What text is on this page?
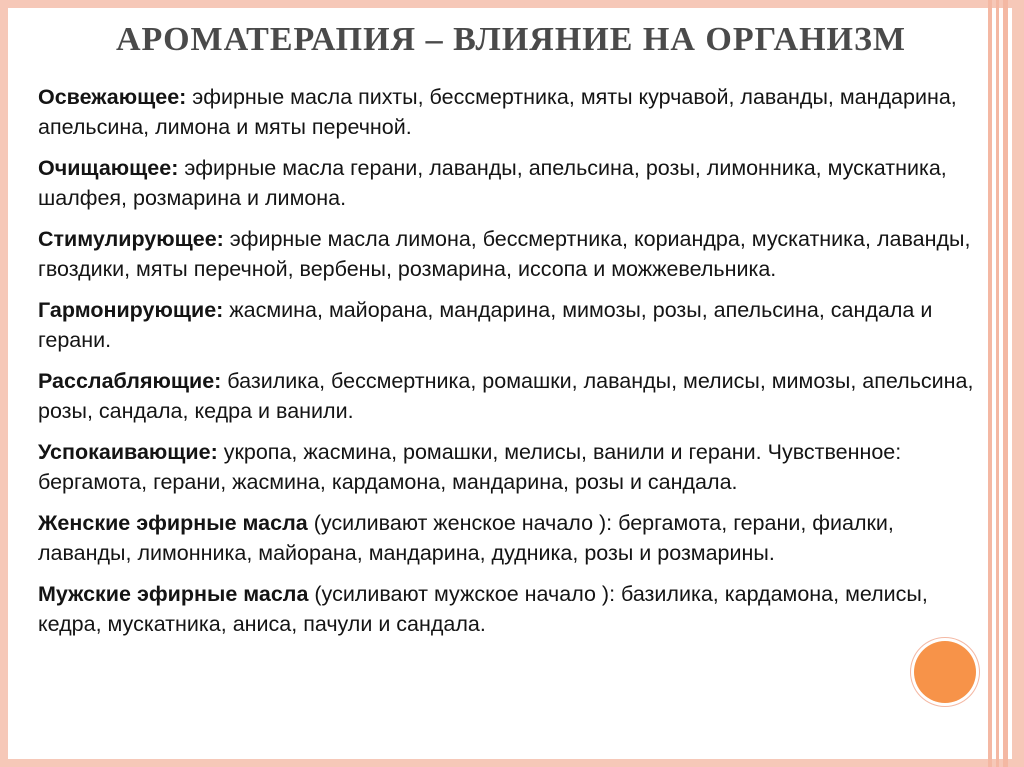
АРОМАТЕРАПИЯ – ВЛИЯНИЕ НА ОРГАНИЗМ

Освежающее: эфирные масла пихты, бессмертника, мяты курчавой, лаванды, мандарина, апельсина, лимона и мяты перечной.

Очищающее: эфирные масла герани, лаванды, апельсина, розы, лимонника, мускатника, шалфея, розмарина и лимона.

Стимулирующее: эфирные масла лимона, бессмертника, кориандра, мускатника, лаванды, гвоздики, мяты перечной, вербены, розмарина, иссопа и можжевельника.

Гармонирующие: жасмина, майорана, мандарина, мимозы, розы, апельсина, сандала и герани.

Расслабляющие: базилика, бессмертника, ромашки, лаванды, мелисы, мимозы, апельсина, розы, сандала, кедра и ванили.

Успокаивающие: укропа, жасмина, ромашки, мелисы, ванили и герани. Чувственное: бергамота, герани, жасмина, кардамона, мандарина, розы и сандала.

Женские эфирные масла (усиливают женское начало ): бергамота, герани, фиалки, лаванды, лимонника, майорана, мандарина, дудника, розы и розмарины.

Мужские эфирные масла (усиливают мужское начало ): базилика, кардамона, мелисы, кедра, мускатника, аниса, пачули и сандала.
